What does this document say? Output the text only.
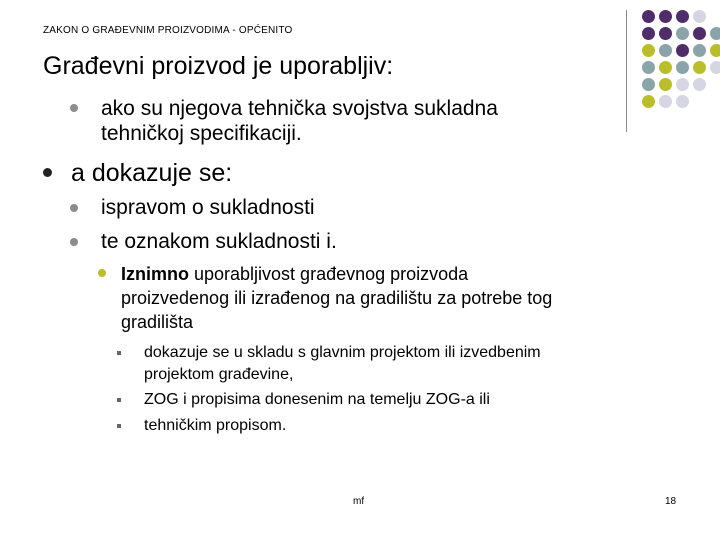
ZAKON O GRAĐEVNIM PROIZVODIMA - OPĆENITO
Građevni proizvod je uporabljiv:
ako su njegova tehnička svojstva sukladna
tehničkoj specifikaciji.
a dokazuje se:
ispravom o sukladnosti
te oznakom sukladnosti i.
Iznimno uporabljivost građevnog proizvoda
proizvedenog ili izrađenog na gradilištu za potrebe tog
gradilišta
dokazuje se u skladu s glavnim projektom ili izvedbenim
projektom građevine,
ZOG i propisima donesenim na temelju ZOG-a ili
tehničkim propisom.
mf	18
